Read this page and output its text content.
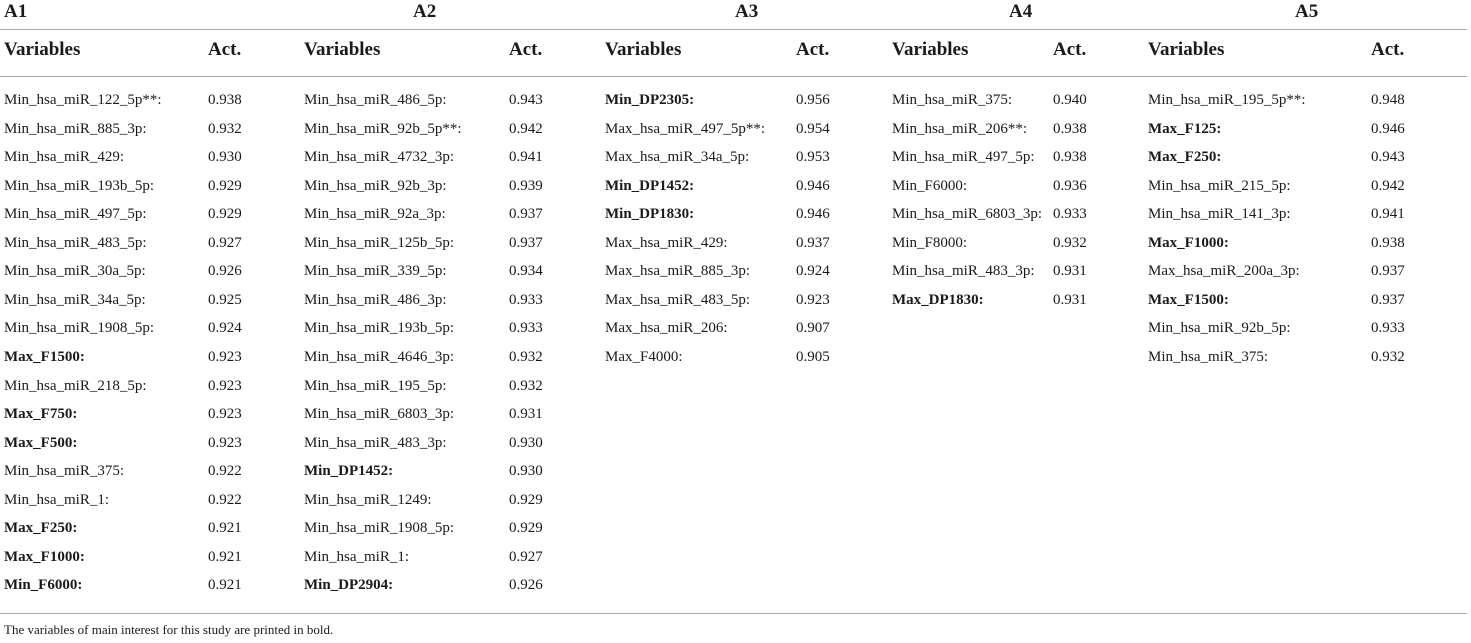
A1	A2	A3	A4	A5
Variables	Act.	Variables	Act.	Variables	Act.	Variables	Act.	Variables	Act.
Min_hsa_miR_122_5p**:	0.938
Min_hsa_miR_885_3p:	0.932
Min_hsa_miR_429:	0.930
Min_hsa_miR_193b_5p:	0.929
Min_hsa_miR_497_5p:	0.929
Min_hsa_miR_483_5p:	0.927
Min_hsa_miR_30a_5p:	0.926
Min_hsa_miR_34a_5p:	0.925
Min_hsa_miR_1908_5p:	0.924
Max_F1500:	0.923
Min_hsa_miR_218_5p:	0.923
Max_F750:	0.923
Max_F500:	0.923
Min_hsa_miR_375:	0.922
Min_hsa_miR_1:	0.922
Max_F250:	0.921
Max_F1000:	0.921
Min_F6000:	0.921
Min_hsa_miR_486_5p:	0.943
Min_hsa_miR_92b_5p**:	0.942
Min_hsa_miR_4732_3p:	0.941
Min_hsa_miR_92b_3p:	0.939
Min_hsa_miR_92a_3p:	0.937
Min_hsa_miR_125b_5p:	0.937
Min_hsa_miR_339_5p:	0.934
Min_hsa_miR_486_3p:	0.933
Min_hsa_miR_193b_5p:	0.933
Min_hsa_miR_4646_3p:	0.932
Min_hsa_miR_195_5p:	0.932
Min_hsa_miR_6803_3p:	0.931
Min_hsa_miR_483_3p:	0.930
Min_DP1452:	0.930
Min_hsa_miR_1249:	0.929
Min_hsa_miR_1908_5p:	0.929
Min_hsa_miR_1:	0.927
Min_DP2904:	0.926
Min_DP2305:	0.956
Max_hsa_miR_497_5p**: 0.954
Max_hsa_miR_34a_5p:	0.953
Min_DP1452:	0.946
Min_DP1830:	0.946
Max_hsa_miR_429:	0.937
Max_hsa_miR_885_3p:	0.924
Max_hsa_miR_483_5p:	0.923
Max_hsa_miR_206:	0.907
Max_F4000:	0.905
Min_hsa_miR_375:	0.940
Min_hsa_miR_206**: 0.938
Min_hsa_miR_497_5p: 0.938
Min_F6000:	0.936
Min_hsa_miR_6803_3p: 0.933
Min_F8000:	0.932
Min_hsa_miR_483_3p: 0.931
Max_DP1830:	0.931
Min_hsa_miR_195_5p**:	0.948
Max_F125:	0.946
Max_F250:	0.943
Min_hsa_miR_215_5p:	0.942
Min_hsa_miR_141_3p:	0.941
Max_F1000:	0.938
Max_hsa_miR_200a_3p:	0.937
Max_F1500:	0.937
Min_hsa_miR_92b_5p:	0.933
Min_hsa_miR_375:	0.932
The variables of main interest for this study are printed in bold.
